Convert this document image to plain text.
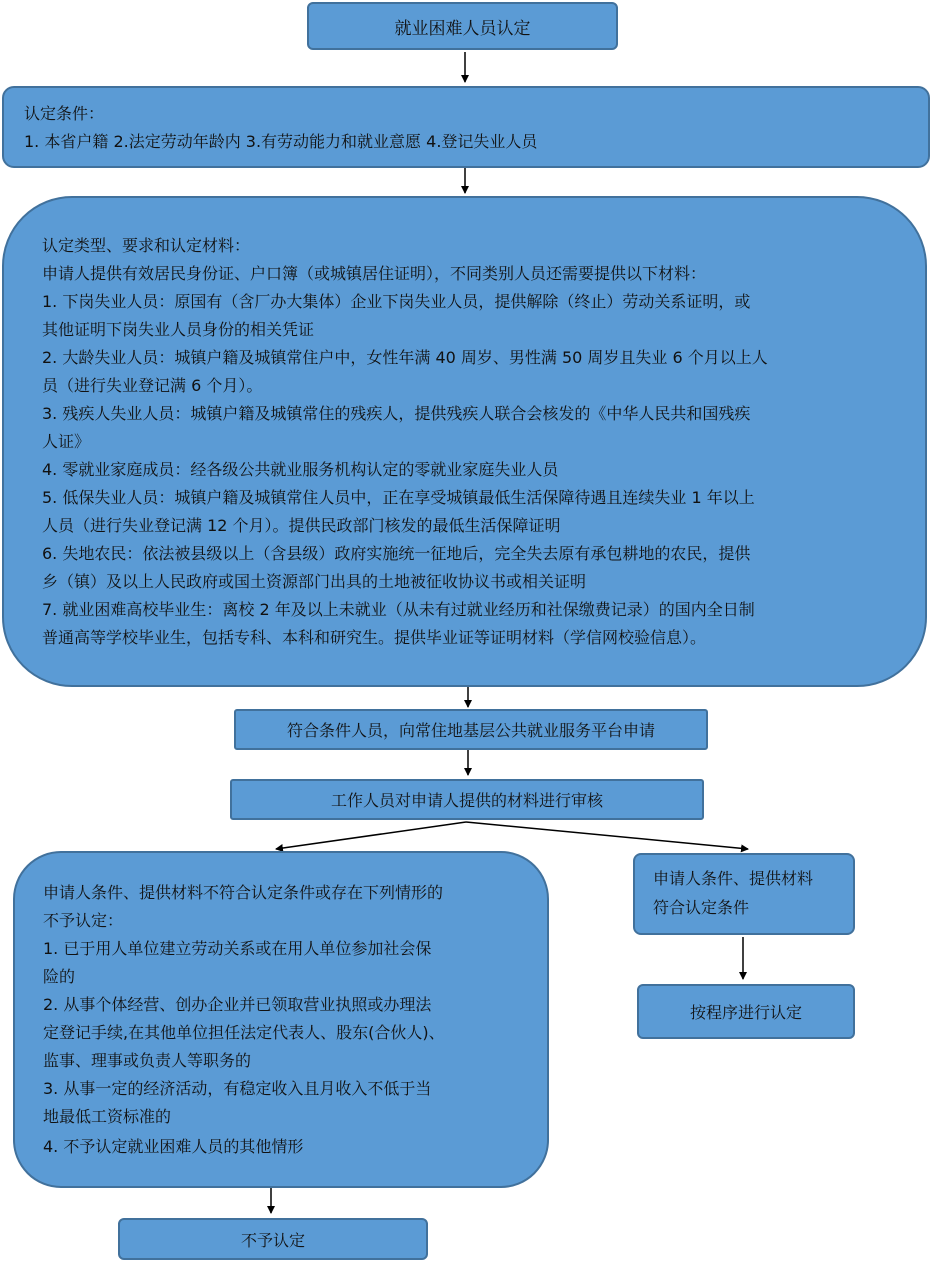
就业困难人员认定
认定条件：
1. 本省户籍 2.法定劳动年龄内 3.有劳动能力和就业意愿 4.登记失业人员
认定类型、要求和认定材料：
申请人提供有效居民身份证、户口簿（或城镇居住证明），不同类别人员还需要提供以下材料：
1. 下岗失业人员：原国有（含厂办大集体）企业下岗失业人员，提供解除（终止）劳动关系证明，或
其他证明下岗失业人员身份的相关凭证
2. 大龄失业人员：城镇户籍及城镇常住户中，女性年满 40 周岁、男性满 50 周岁且失业 6 个月以上人
员（进行失业登记满 6 个月）。
3. 残疾人失业人员：城镇户籍及城镇常住的残疾人，提供残疾人联合会核发的《中华人民共和国残疾
人证》
4. 零就业家庭成员：经各级公共就业服务机构认定的零就业家庭失业人员
5. 低保失业人员：城镇户籍及城镇常住人员中，正在享受城镇最低生活保障待遇且连续失业 1 年以上
人员（进行失业登记满 12 个月）。提供民政部门核发的最低生活保障证明
6. 失地农民：依法被县级以上（含县级）政府实施统一征地后，完全失去原有承包耕地的农民，提供
乡（镇）及以上人民政府或国土资源部门出具的土地被征收协议书或相关证明
7. 就业困难高校毕业生：离校 2 年及以上未就业（从未有过就业经历和社保缴费记录）的国内全日制
普通高等学校毕业生，包括专科、本科和研究生。提供毕业证等证明材料（学信网校验信息）。
符合条件人员，向常住地基层公共就业服务平台申请
工作人员对申请人提供的材料进行审核
申请人条件、提供材料不符合认定条件或存在下列情形的
不予认定：
1. 已于用人单位建立劳动关系或在用人单位参加社会保
险的
2. 从事个体经营、创办企业并已领取营业执照或办理法
定登记手续,在其他单位担任法定代表人、股东(合伙人)、
监事、理事或负责人等职务的
3. 从事一定的经济活动，有稳定收入且月收入不低于当
地最低工资标准的
4. 不予认定就业困难人员的其他情形
申请人条件、提供材料
符合认定条件
按程序进行认定
不予认定
